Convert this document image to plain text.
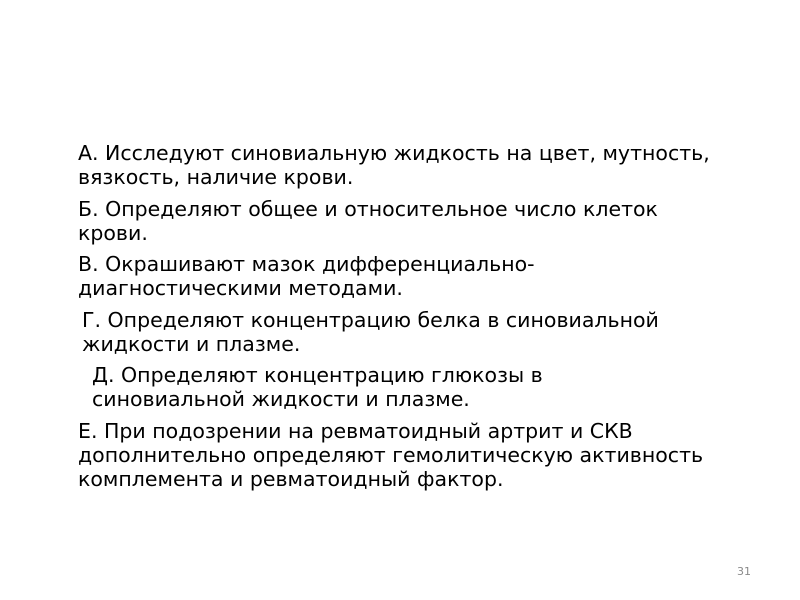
А. Исследуют синовиальную жидкость на цвет, мутность,
вязкость, наличие крови.
Б. Определяют общее и относительное число клеток
крови.
В. Окрашивают мазок дифференциально-
диагностическими методами.
Г. Определяют концентрацию белка в синовиальной
жидкости и плазме.
Д. Определяют концентрацию глюкозы в
синовиальной жидкости и плазме.
Е. При подозрении на ревматоидный артрит и СКВ
дополнительно определяют гемолитическую активность
комплемента и ревматоидный фактор.
31
